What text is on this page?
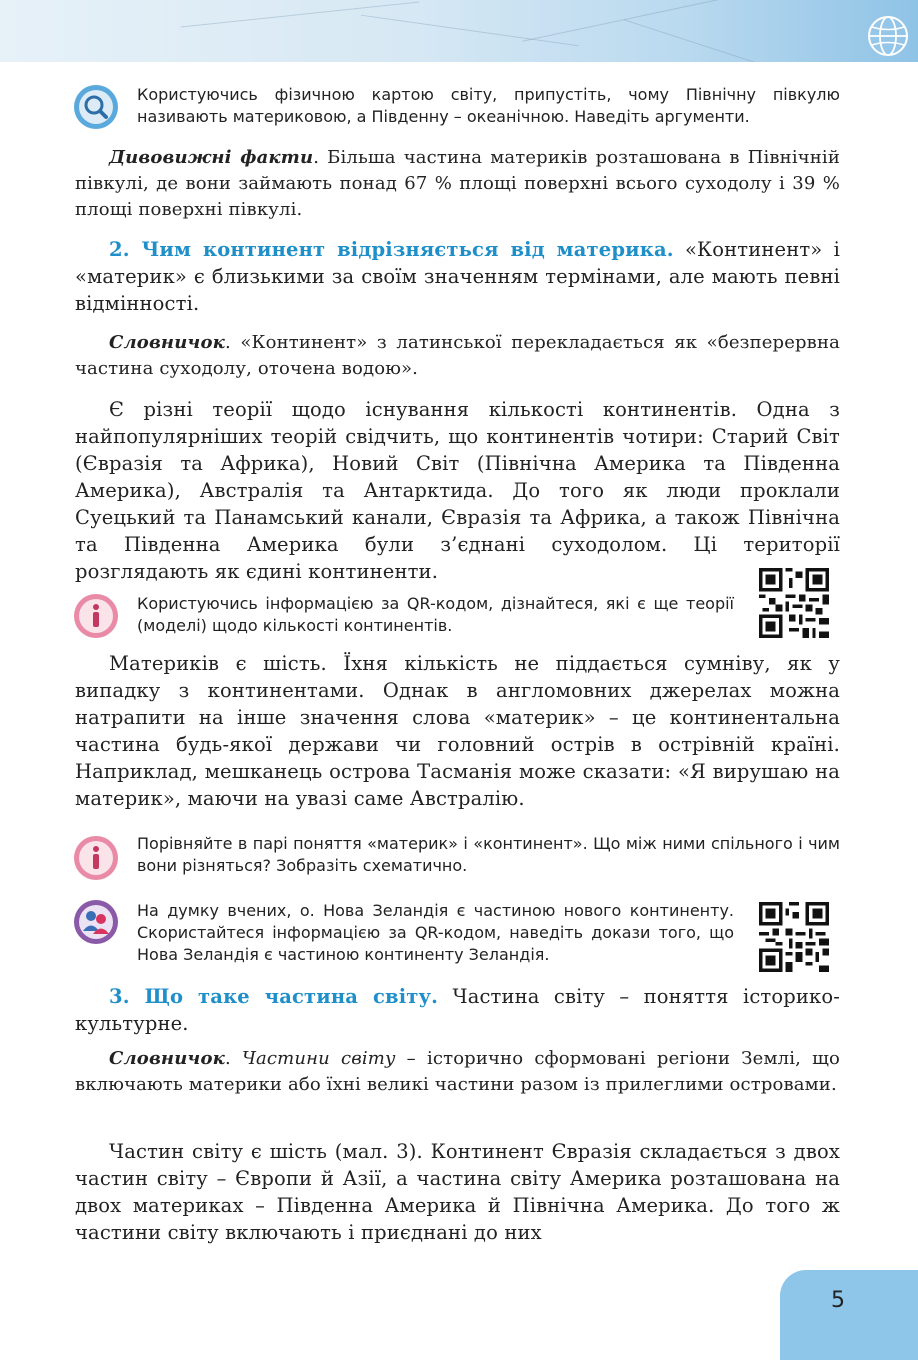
Користуючись фізичною картою світу, припустіть, чому Північну півкулю називають материковою, а Південну – океанічною. Наведіть аргументи.
Дивовижні факти. Більша частина материків розташована в Північній півкулі, де вони займають понад 67 % площі поверхні всього суходолу і 39 % площі поверхні півкулі.
2. Чим континент відрізняється від материка. «Континент» і «материк» є близькими за своїм значенням термінами, але мають певні відмінності.
Словничок. «Континент» з латинської перекладається як «безперервна частина суходолу, оточена водою».
Є різні теорії щодо існування кількості континентів. Одна з найпопулярніших теорій свідчить, що континентів чотири: Старий Світ (Євразія та Африка), Новий Світ (Північна Америка та Південна Америка), Австралія та Антарктида. До того як люди проклали Суецький та Панамський канали, Євразія та Африка, а також Північна та Південна Америка були з’єднані суходолом. Ці території розглядають як єдині континенти.
Користуючись інформацією за QR-кодом, дізнайтеся, які є ще теорії (моделі) щодо кількості континентів.
Материків є шість. Їхня кількість не піддається сумніву, як у випадку з континентами. Однак в англомовних джерелах можна натрапити на інше значення слова «материк» – це континентальна частина будь-якої держави чи головний острів в острівній країні. Наприклад, мешканець острова Тасманія може сказати: «Я вирушаю на материк», маючи на увазі саме Австралію.
Порівняйте в парі поняття «материк» і «континент». Що між ними спільного і чим вони різняться? Зобразіть схематично.
На думку вчених, о. Нова Зеландія є частиною нового континенту. Скористайтеся інформацією за QR-кодом, наведіть докази того, що Нова Зеландія є частиною континенту Зеландія.
3. Що таке частина світу. Частина світу – поняття історико-культурне.
Словничок. Частини світу – історично сформовані регіони Землі, що включають материки або їхні великі частини разом із прилеглими островами.
Частин світу є шість (мал. 3). Континент Євразія складається з двох частин світу – Європи й Азії, а частина світу Америка розташована на двох материках – Південна Америка й Північна Америка. До того ж частини світу включають і приєднані до них
5
